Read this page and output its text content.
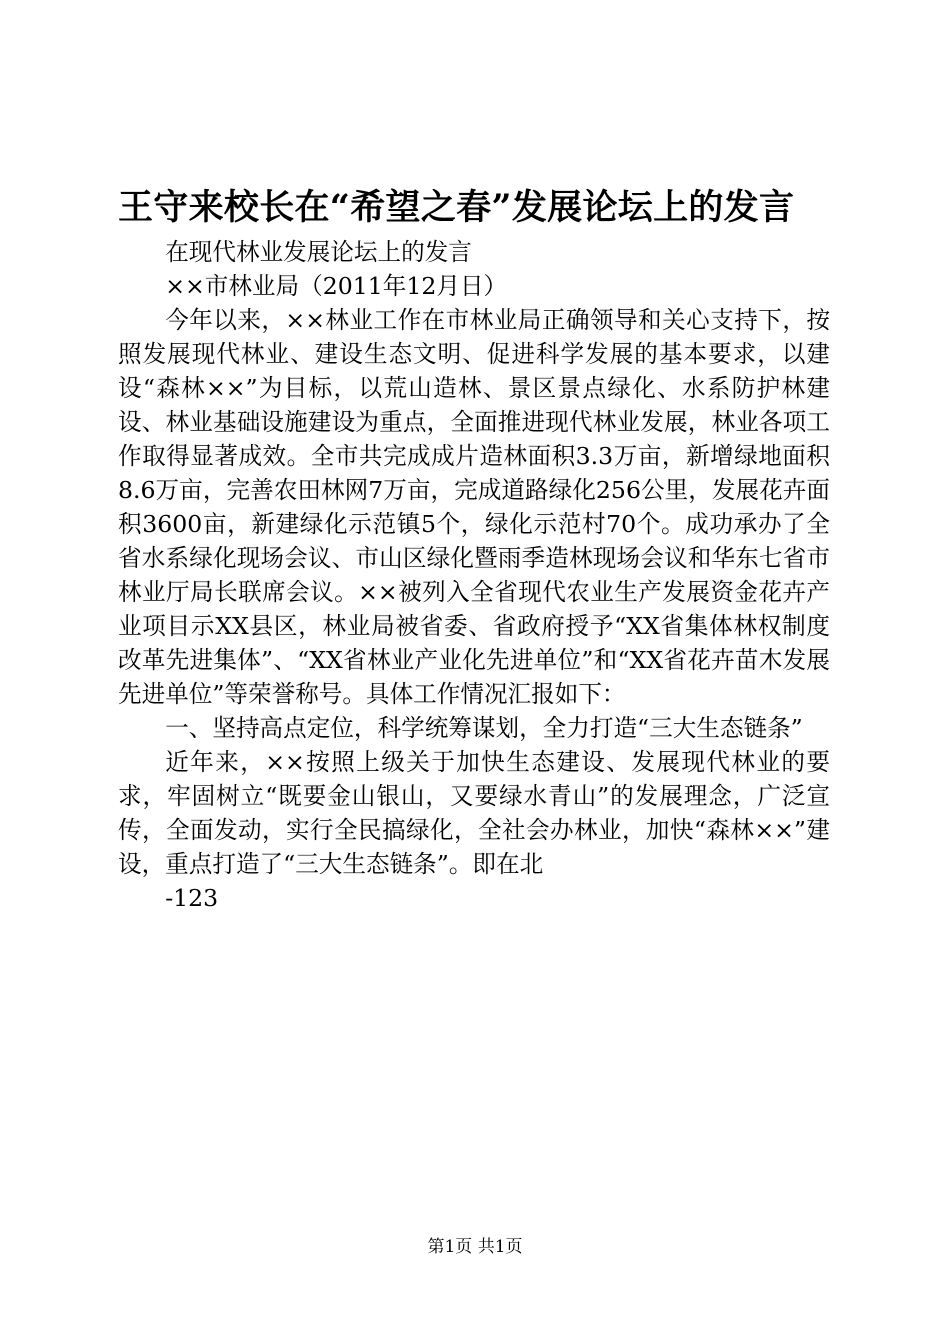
王守来校长在“希望之春”发展论坛上的发言

在现代林业发展论坛上的发言

××市林业局（2011年12月日）

今年以来，××林业工作在市林业局正确领导和关心支持下，按照发展现代林业、建设生态文明、促进科学发展的基本要求，以建设“森林××”为目标，以荒山造林、景区景点绿化、水系防护林建设、林业基础设施建设为重点，全面推进现代林业发展，林业各项工作取得显著成效。全市共完成成片造林面积3.3万亩，新增绿地面积8.6万亩，完善农田林网7万亩，完成道路绿化256公里，发展花卉面积3600亩，新建绿化示范镇5个，绿化示范村70个。成功承办了全省水系绿化现场会议、市山区绿化暨雨季造林现场会议和华东七省市林业厅局长联席会议。××被列入全省现代农业生产发展资金花卉产业项目示XX县区，林业局被省委、省政府授予“XX省集体林权制度改革先进集体”、“XX省林业产业化先进单位”和“XX省花卉苗木发展先进单位”等荣誉称号。具体工作情况汇报如下：

一、坚持高点定位，科学统筹谋划，全力打造“三大生态链条”

近年来，××按照上级关于加快生态建设、发展现代林业的要求，牢固树立“既要金山银山，又要绿水青山”的发展理念，广泛宣传，全面发动，实行全民搞绿化，全社会办林业，加快“森林××”建设，重点打造了“三大生态链条”。即在北

-123

第1页 共1页
